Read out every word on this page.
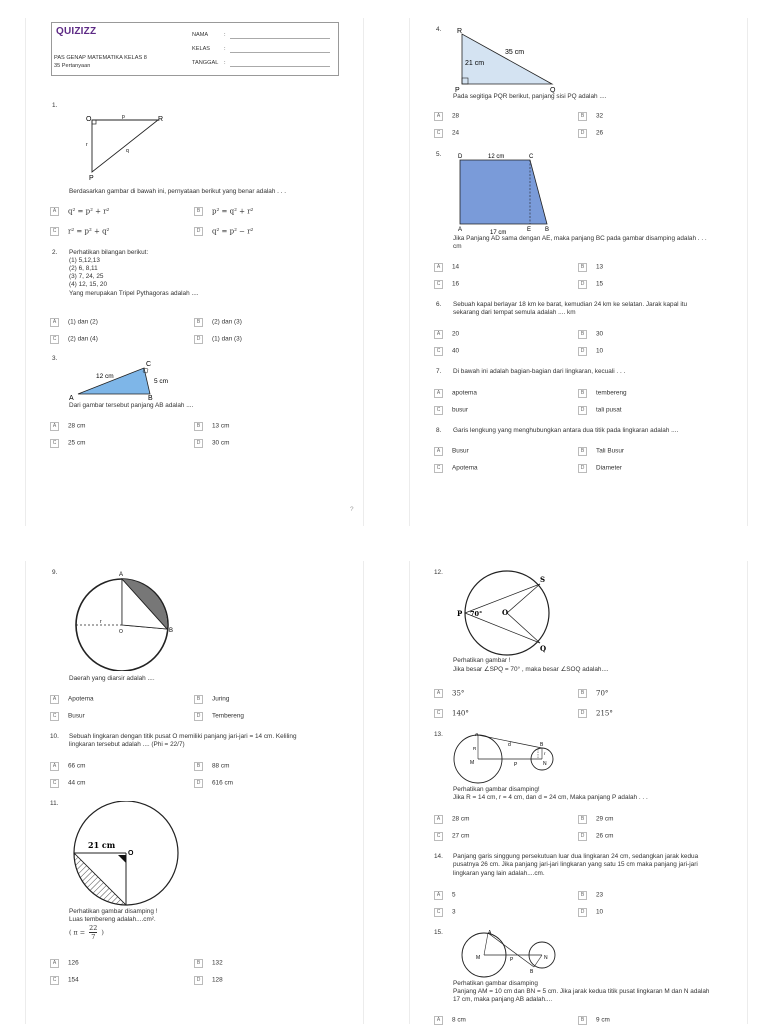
QUIZIZZ
PAS GENAP MATEMATIKA KELAS 8
35 Pertanyaan
NAMA	:
KELAS :
TANGGAL :
1.
O	p	R
r
q
P
Berdasarkan gambar di bawah ini, pernyataan berikut yang benar adalah . . .
A q² = p² + r²	B p² = q² + r²
C r² = p² + q²	D q² = p² − r²
2. Perhatikan bilangan berikut:
(1) 5,12,13
(2) 6, 8,11
(3) 7, 24, 25
(4) 12, 15, 20
Yang merupakan Tripel Pythagoras adalah ....
A (1) dan (2)	B (2) dan (3)
C (2) dan (4)	D (1) dan (3)
3.
C
A	B
12 cm
5 cm
Dari gambar tersebut panjang AB adalah ....
A 28 cm	B 13 cm
C 25 cm	D 30 cm
?
4. R
P	Q
35 cm
21 cm
Pada segitiga PQR berikut, panjang sisi PQ adalah ....
A 28	B 32
C 24	D 26
5.	D	C
12 cm
A	E B
17 cm
Jika Panjang AD sama dengan AE, maka panjang BC pada gambar disamping adalah . . .
cm
A 14	B 13
C 16	D 15
6. Sebuah kapal berlayar 18 km ke barat, kemudian 24 km ke selatan. Jarak kapal itu
sekarang dari tempat semula adalah .... km
A 20	B 30
C 40	D 10
7. Di bawah ini adalah bagian-bagian dari lingkaran, kecuali . . .
A apotema	B tembereng
C busur	D tali pusat
8. Garis lengkung yang menghubungkan antara dua titik pada lingkaran adalah ....
A Busur	B Tali Busur
C Apotema	D Diameter
9.	A
B
O
r
Daerah yang diarsir adalah ....
A Apotema	B Juring
C Busur	D Tembereng
10. Sebuah lingkaran dengan titik pusat O memiliki panjang jari-jari = 14 cm. Keliling
lingkaran tersebut adalah .... (Phi = 22/7)
A 66 cm	B 88 cm
C 44 cm	D 616 cm
11.
21 cm
O
Perhatikan gambar disamping !
Luas tembereng adalah....cm².
( $\pi = \frac{22}{7}$ )
A 126	B 132
C 154	D 128
12.
P 70°	O
S
Q
Perhatikan gambar !
Jika besar ∠SPQ = 70° , maka besar ∠SOQ adalah....
A 35°	B 70°
C 140°	D 215°
13.	A
B
M	N
P
d
R
r
Perhatikan gambar disamping!
Jika R = 14 cm, r = 4 cm, dan d = 24 cm, Maka panjang P adalah . . .
A 28 cm	B 29 cm
C 27 cm	D 26 cm
14. Panjang garis singgung persekutuan luar dua lingkaran 24 cm, sedangkan jarak kedua
pusatnya 26 cm. Jika panjang jari-jari lingkaran yang satu 15 cm maka panjang jari-jari
lingkaran yang lain adalah....cm.
A 5	B 23
C 3	D 10
15.	A
B
M	N
P
Perhatikan gambar disamping
Panjang AM = 10 cm dan BN = 5 cm. Jika jarak kedua titik pusat lingkaran M dan N adalah
17 cm, maka panjang AB adalah....
A 8 cm	B 9 cm
